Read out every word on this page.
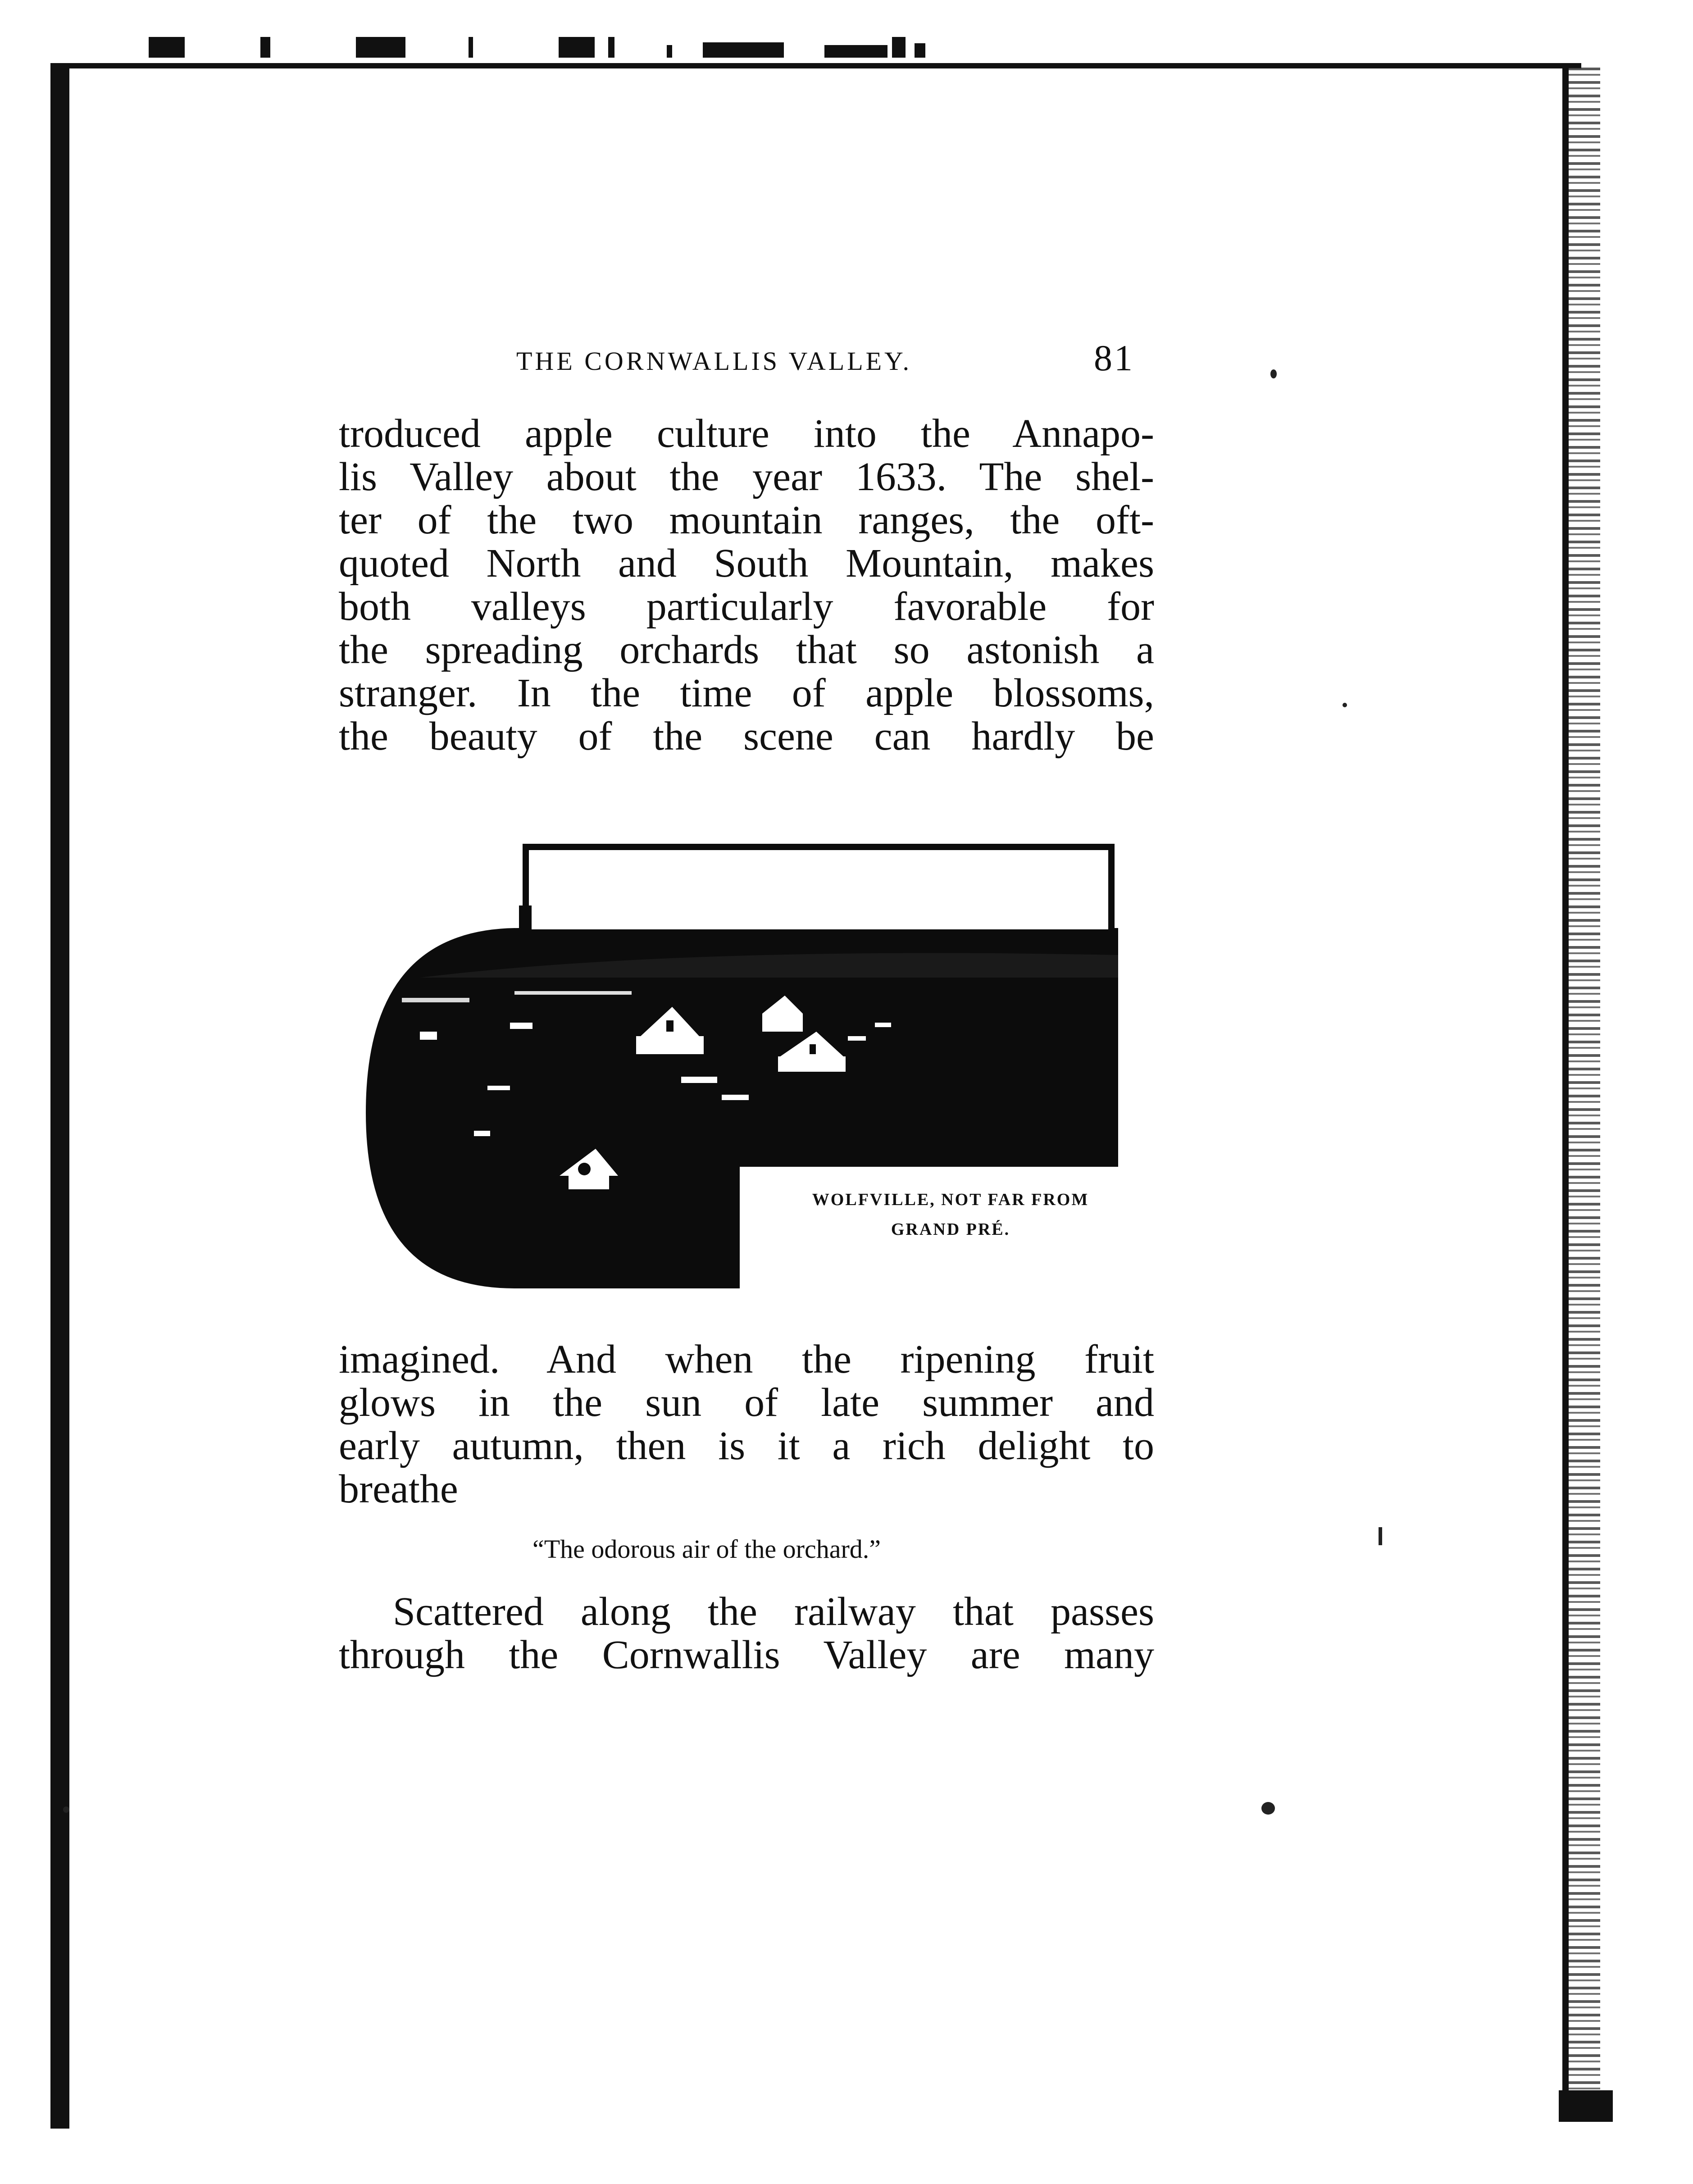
THE CORNWALLIS VALLEY.	81
troduced apple culture into the Annapo-
lis Valley about the year 1633. The shel-
ter of the two mountain ranges, the oft-
quoted North and South Mountain, makes
both valleys particularly favorable for
the spreading orchards that so astonish a
stranger. In the time of apple blossoms,
the beauty of the scene can hardly be
WOLFVILLE, NOT FAR FROM
GRAND PRÉ.
imagined. And when the ripening fruit
glows in the sun of late summer and
early autumn, then is it a rich delight to
breathe
“The odorous air of the orchard.”
Scattered along the railway that passes
through the Cornwallis Valley are many
